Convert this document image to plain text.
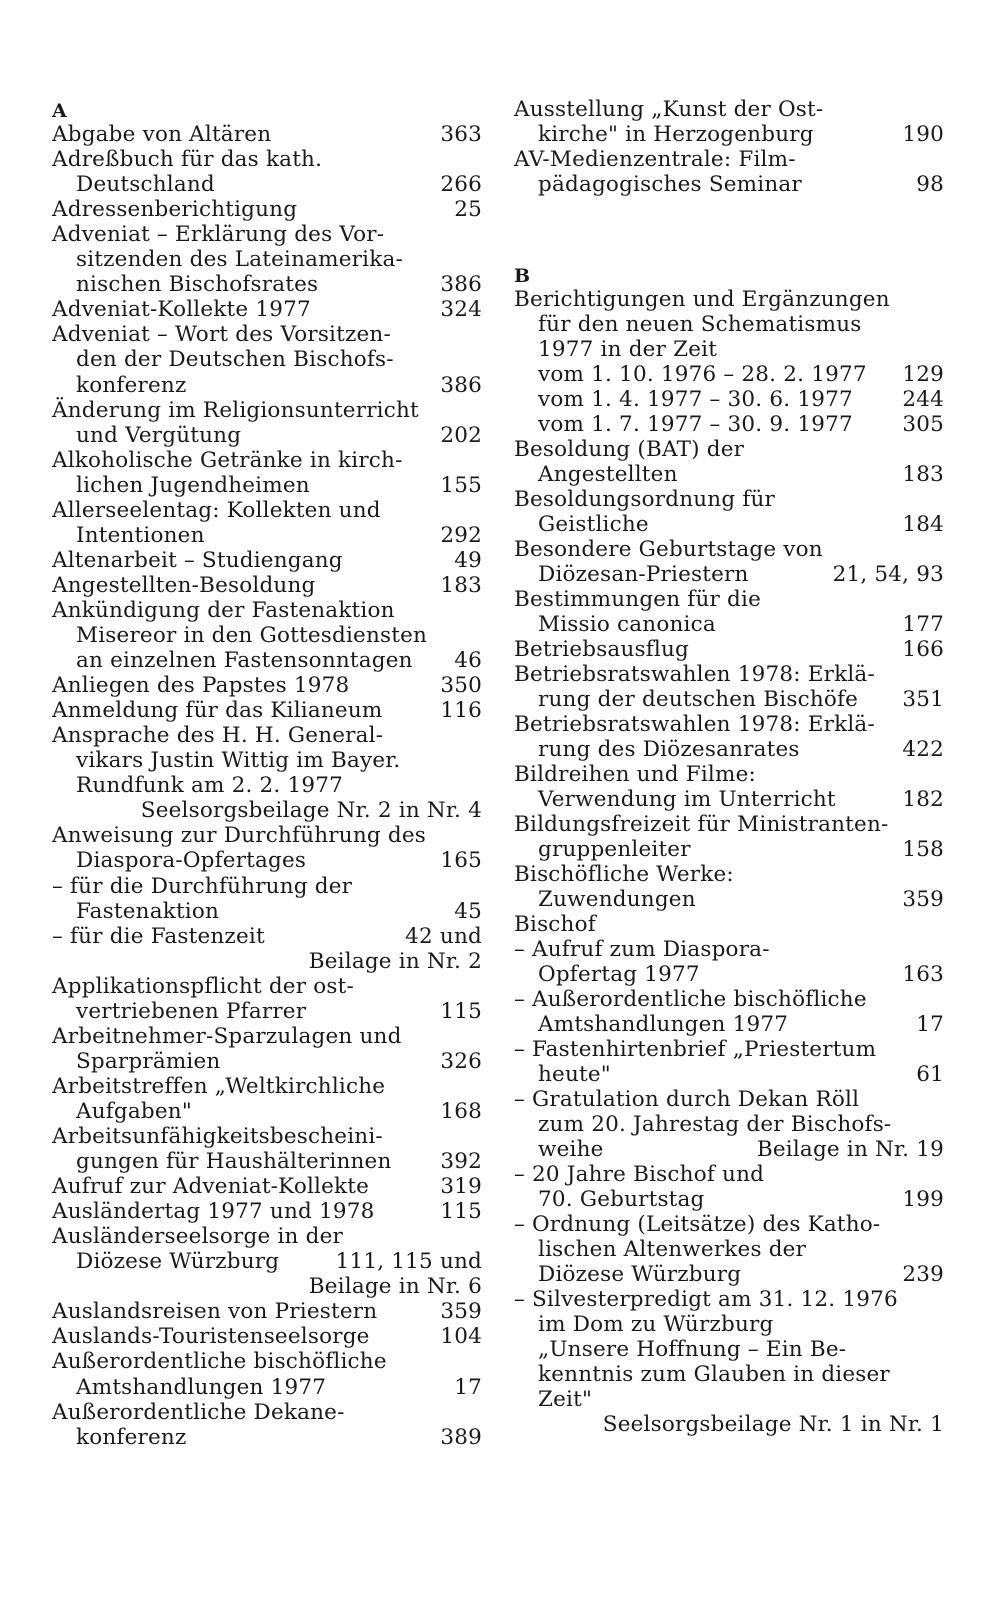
A
Abgabe von Altären	363
Adreßbuch für das kath.
Deutschland	266
Adressenberichtigung	25
Adveniat – Erklärung des Vor-
sitzenden des Lateinamerika-
nischen Bischofsrates	386
Adveniat-Kollekte 1977	324
Adveniat – Wort des Vorsitzen-
den der Deutschen Bischofs-
konferenz	386
Änderung im Religionsunterricht
und Vergütung	202
Alkoholische Getränke in kirch-
lichen Jugendheimen	155
Allerseelentag: Kollekten und
Intentionen	292
Altenarbeit – Studiengang	49
Angestellten-Besoldung	183
Ankündigung der Fastenaktion
Misereor in den Gottesdiensten
an einzelnen Fastensonntagen 46
Anliegen des Papstes 1978	350
Anmeldung für das Kilianeum	116
Ansprache des H. H. General-
vikars Justin Wittig im Bayer.
Rundfunk am 2. 2. 1977
Seelsorgsbeilage Nr. 2 in Nr. 4
Anweisung zur Durchführung des
Diaspora-Opfertages	165
– für die Durchführung der
Fastenaktion	45
– für die Fastenzeit	42 und
Beilage in Nr. 2
Applikationspflicht der ost-
vertriebenen Pfarrer	115
Arbeitnehmer-Sparzulagen und
Sparprämien	326
Arbeitstreffen „Weltkirchliche
Aufgaben"	168
Arbeitsunfähigkeitsbescheini-
gungen für Haushälterinnen 392
Aufruf zur Adveniat-Kollekte	319
Ausländertag 1977 und 1978	115
Ausländerseelsorge in der
Diözese Würzburg	111, 115 und
Beilage in Nr. 6
Auslandsreisen von Priestern	359
Auslands-Touristenseelsorge	104
Außerordentliche bischöfliche
Amtshandlungen 1977	17
Außerordentliche Dekane-
konferenz	389
B
Ausstellung „Kunst der Ost-
kirche" in Herzogenburg	190
AV-Medienzentrale: Film-
pädagogisches Seminar	98
Berichtigungen und Ergänzungen
für den neuen Schematismus
1977 in der Zeit
vom 1. 10. 1976 – 28. 2. 1977 129
vom 1. 4. 1977 – 30. 6. 1977 244
vom 1. 7. 1977 – 30. 9. 1977 305
Besoldung (BAT) der
Angestellten	183
Besoldungsordnung für
Geistliche	184
Besondere Geburtstage von
Diözesan-Priestern	21, 54, 93
Bestimmungen für die
Missio canonica	177
Betriebsausflug	166
Betriebsratswahlen 1978: Erklä-
rung der deutschen Bischöfe 351
Betriebsratswahlen 1978: Erklä-
rung des Diözesanrates	422
Bildreihen und Filme:
Verwendung im Unterricht	182
Bildungsfreizeit für Ministranten-
gruppenleiter	158
Bischöfliche Werke:
Zuwendungen	359
Bischof
– Aufruf zum Diaspora-
Opfertag 1977	163
– Außerordentliche bischöfliche
Amtshandlungen 1977	17
– Fastenhirtenbrief „Priestertum
heute"	61
– Gratulation durch Dekan Röll
zum 20. Jahrestag der Bischofs-
weihe	Beilage in Nr. 19
– 20 Jahre Bischof und
70. Geburtstag	199
– Ordnung (Leitsätze) des Katho-
lischen Altenwerkes der
Diözese Würzburg	239
– Silvesterpredigt am 31. 12. 1976
im Dom zu Würzburg
„Unsere Hoffnung – Ein Be-
kenntnis zum Glauben in dieser
Zeit"
Seelsorgsbeilage Nr. 1 in Nr. 1
